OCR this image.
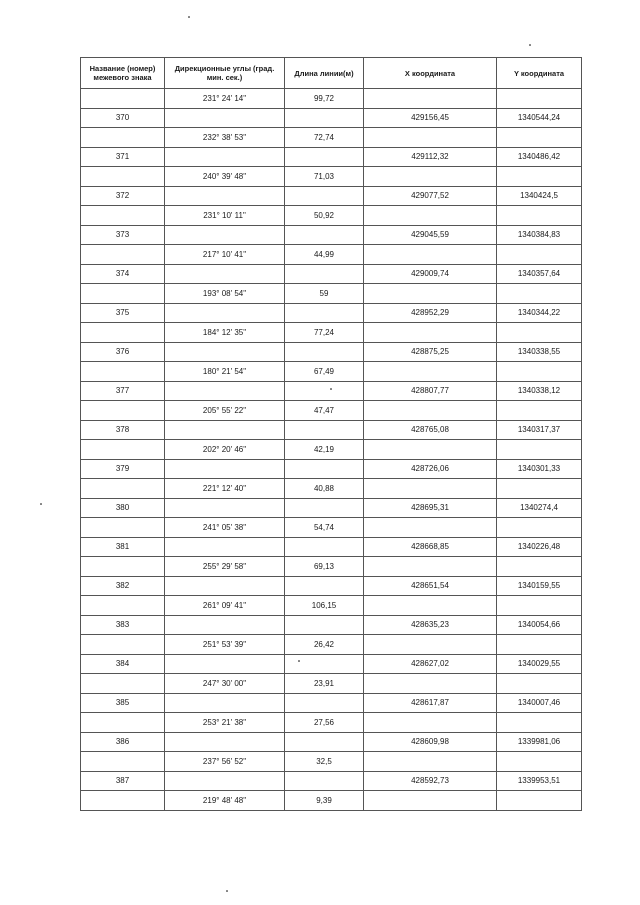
Название (номер) межевого знака	Дирекционные углы (град. мин. сек.)	Длина линии(м)	X координата	Y координата
	231° 24' 14"	99,72		
370			429156,45	1340544,24
	232° 38' 53"	72,74		
371			429112,32	1340486,42
	240° 39' 48"	71,03		
372			429077,52	1340424,5
	231° 10' 11"	50,92		
373			429045,59	1340384,83
	217° 10' 41"	44,99		
374			429009,74	1340357,64
	193° 08' 54"	59		
375			428952,29	1340344,22
	184° 12' 35"	77,24		
376			428875,25	1340338,55
	180° 21' 54"	67,49		
377			428807,77	1340338,12
	205° 55' 22"	47,47		
378			428765,08	1340317,37
	202° 20' 46"	42,19		
379			428726,06	1340301,33
	221° 12' 40"	40,88		
380			428695,31	1340274,4
	241° 05' 38"	54,74		
381			428668,85	1340226,48
	255° 29' 58"	69,13		
382			428651,54	1340159,55
	261° 09' 41"	106,15		
383			428635,23	1340054,66
	251° 53' 39"	26,42		
384			428627,02	1340029,55
	247° 30' 00"	23,91		
385			428617,87	1340007,46
	253° 21' 38"	27,56		
386			428609,98	1339981,06
	237° 56' 52"	32,5		
387			428592,73	1339953,51
	219° 48' 48"	9,39		
